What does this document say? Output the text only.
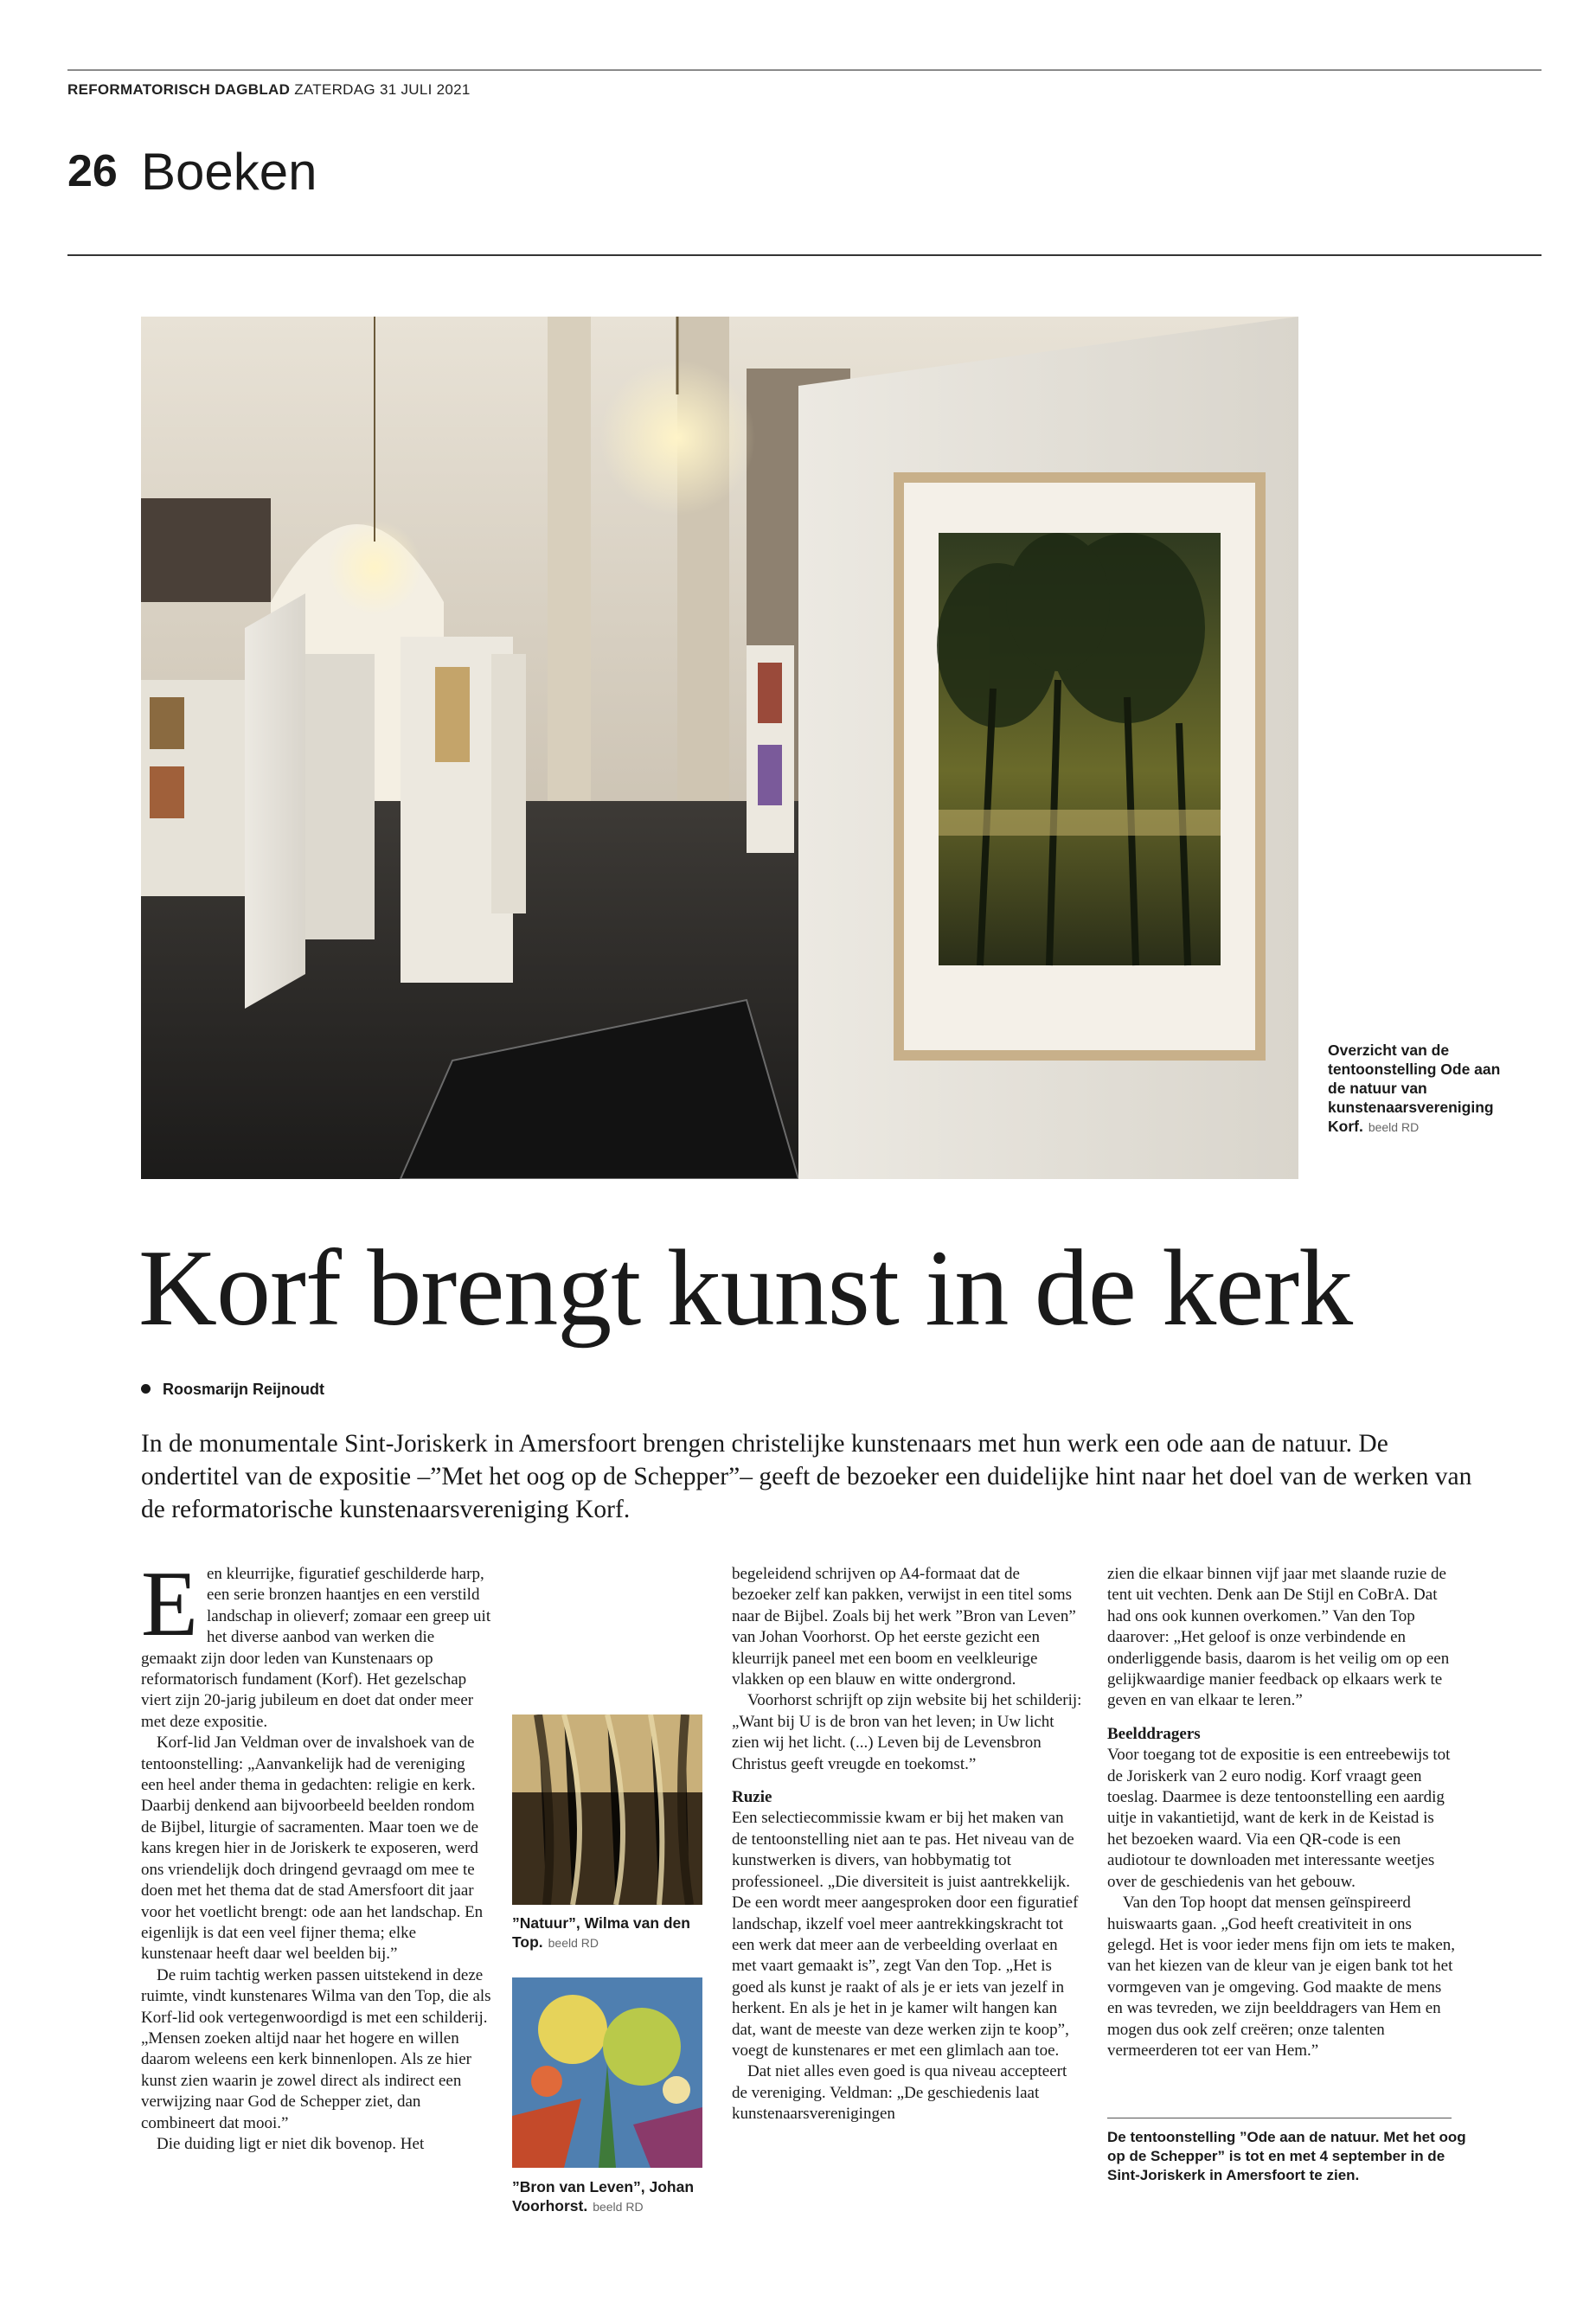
REFORMATORISCH DAGBLAD ZATERDAG 31 JULI 2021
26 Boeken
Overzicht van de tentoonstelling Ode aan de natuur van kunstenaarsvereniging Korf. beeld RD
Korf brengt kunst in de kerk
Roosmarijn Reijnoudt
In de monumentale Sint-Joriskerk in Amersfoort brengen christelijke kunstenaars met hun werk een ode aan de natuur. De ondertitel van de expositie –”Met het oog op de Schepper”– geeft de bezoeker een duidelijke hint naar het doel van de werken van de reformatorische kunstenaarsvereniging Korf.

Een kleurrijke, figuratief geschilderde harp, een serie bronzen haantjes en een verstild landschap in olieverf; zomaar een greep uit het diverse aanbod van werken die gemaakt zijn door leden van Kunstenaars op reformatorisch fundament (Korf). Het gezelschap viert zijn 20-jarig jubileum en doet dat onder meer met deze expositie.

Korf-lid Jan Veldman over de invalshoek van de tentoonstelling: „Aanvankelijk had de vereniging een heel ander thema in gedachten: religie en kerk. Daarbij denkend aan bijvoorbeeld beelden rondom de Bijbel, liturgie of sacramenten. Maar toen we de kans kregen hier in de Joriskerk te exposeren, werd ons vriendelijk doch dringend gevraagd om mee te doen met het thema dat de stad Amersfoort dit jaar voor het voetlicht brengt: ode aan het landschap. En eigenlijk is dat een veel fijner thema; elke kunstenaar heeft daar wel beelden bij.”

De ruim tachtig werken passen uitstekend in deze ruimte, vindt kunstenares Wilma van den Top, die als Korf-lid ook vertegenwoordigd is met een schilderij. „Mensen zoeken altijd naar het hogere en willen daarom weleens een kerk binnenlopen. Als ze hier kunst zien waarin je zowel direct als indirect een verwijzing naar God de Schepper ziet, dan combineert dat mooi.”

Die duiding ligt er niet dik bovenop. Het

”Natuur”, Wilma van den Top. beeld RD
”Bron van Leven”, Johan Voorhorst. beeld RD

begeleidend schrijven op A4-formaat dat de bezoeker zelf kan pakken, verwijst in een titel soms naar de Bijbel. Zoals bij het werk ”Bron van Leven” van Johan Voorhorst. Op het eerste gezicht een kleurrijk paneel met een boom en veelkleurige vlakken op een blauw en witte ondergrond.

Voorhorst schrijft op zijn website bij het schilderij: „Want bij U is de bron van het leven; in Uw licht zien wij het licht. (...) Leven bij de Levensbron Christus geeft vreugde en toekomst.”

Ruzie

Een selectiecommissie kwam er bij het maken van de tentoonstelling niet aan te pas. Het niveau van de kunstwerken is divers, van hobbymatig tot professioneel. „Die diversiteit is juist aantrekkelijk. De een wordt meer aangesproken door een figuratief landschap, ikzelf voel meer aantrekkingskracht tot een werk dat meer aan de verbeelding overlaat en met vaart gemaakt is”, zegt Van den Top. „Het is goed als kunst je raakt of als je er iets van jezelf in herkent. En als je het in je kamer wilt hangen kan dat, want de meeste van deze werken zijn te koop”, voegt de kunstenares er met een glimlach aan toe.

Dat niet alles even goed is qua niveau accepteert de vereniging. Veldman: „De geschiedenis laat kunstenaarsverenigingen

zien die elkaar binnen vijf jaar met slaande ruzie de tent uit vechten. Denk aan De Stijl en CoBrA. Dat had ons ook kunnen overkomen.” Van den Top daarover: „Het geloof is onze verbindende en onderliggende basis, daarom is het veilig om op een gelijkwaardige manier feedback op elkaars werk te geven en van elkaar te leren.”

Beelddragers

Voor toegang tot de expositie is een entreebewijs tot de Joriskerk van 2 euro nodig. Korf vraagt geen toeslag. Daarmee is deze tentoonstelling een aardig uitje in vakantietijd, want de kerk in de Keistad is het bezoeken waard. Via een QR-code is een audiotour te downloaden met interessante weetjes over de geschiedenis van het gebouw.

Van den Top hoopt dat mensen geïnspireerd huiswaarts gaan. „God heeft creativiteit in ons gelegd. Het is voor ieder mens fijn om iets te maken, van het kiezen van de kleur van je eigen bank tot het vormgeven van je omgeving. God maakte de mens en was tevreden, we zijn beelddragers van Hem en mogen dus ook zelf creëren; onze talenten vermeerderen tot eer van Hem.”

De tentoonstelling ”Ode aan de natuur. Met het oog op de Schepper” is tot en met 4 september in de Sint-Joriskerk in Amersfoort te zien.
